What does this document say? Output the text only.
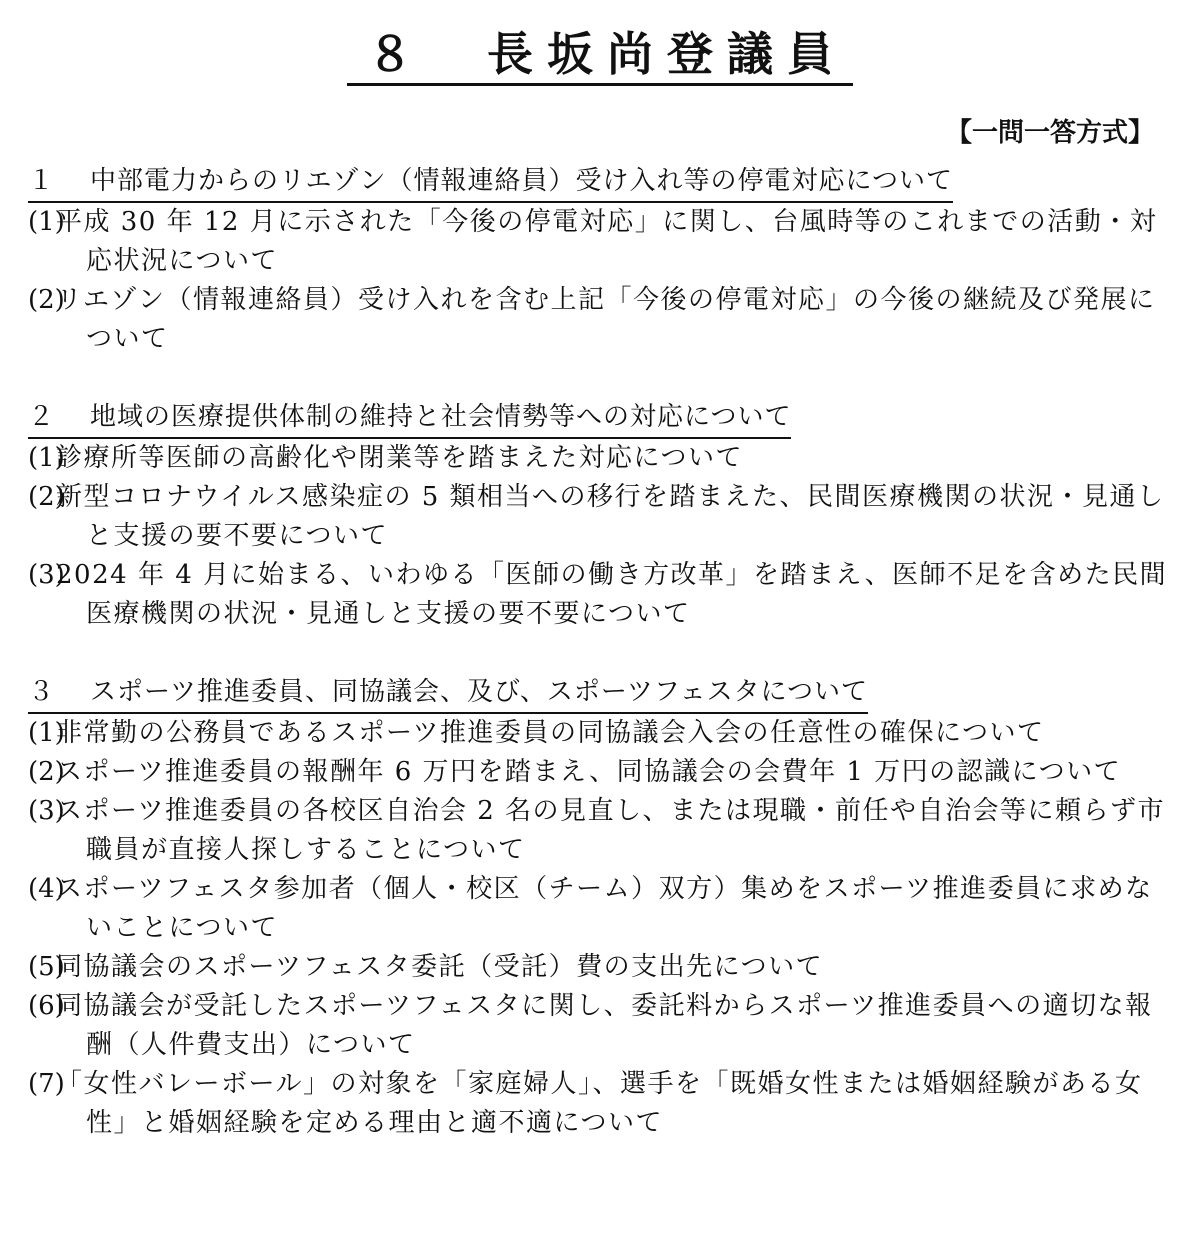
８　長坂尚登議員
【一問一答方式】
１ 中部電力からのリエゾン（情報連絡員）受け入れ等の停電対応について
(1)
平成 30 年 12 月に示された「今後の停電対応」に関し、台風時等のこれまでの活動・対応状況について
(2)
リエゾン（情報連絡員）受け入れを含む上記「今後の停電対応」の今後の継続及び発展について
２ 地域の医療提供体制の維持と社会情勢等への対応について
(1)
診療所等医師の高齢化や閉業等を踏まえた対応について
(2)
新型コロナウイルス感染症の 5 類相当への移行を踏まえた、民間医療機関の状況・見通しと支援の要不要について
(3)
2024 年 4 月に始まる、いわゆる「医師の働き方改革」を踏まえ、医師不足を含めた民間医療機関の状況・見通しと支援の要不要について
３ スポーツ推進委員、同協議会、及び、スポーツフェスタについて
(1)
非常勤の公務員であるスポーツ推進委員の同協議会入会の任意性の確保について
(2)
スポーツ推進委員の報酬年 6 万円を踏まえ、同協議会の会費年 1 万円の認識について
(3)
スポーツ推進委員の各校区自治会 2 名の見直し、または現職・前任や自治会等に頼らず市職員が直接人探しすることについて
(4)
スポーツフェスタ参加者（個人・校区（チーム）双方）集めをスポーツ推進委員に求めないことについて
(5)
同協議会のスポーツフェスタ委託（受託）費の支出先について
(6)
同協議会が受託したスポーツフェスタに関し、委託料からスポーツ推進委員への適切な報酬（人件費支出）について
(7)
「女性バレーボール」の対象を「家庭婦人」、選手を「既婚女性または婚姻経験がある女性」と婚姻経験を定める理由と適不適について
